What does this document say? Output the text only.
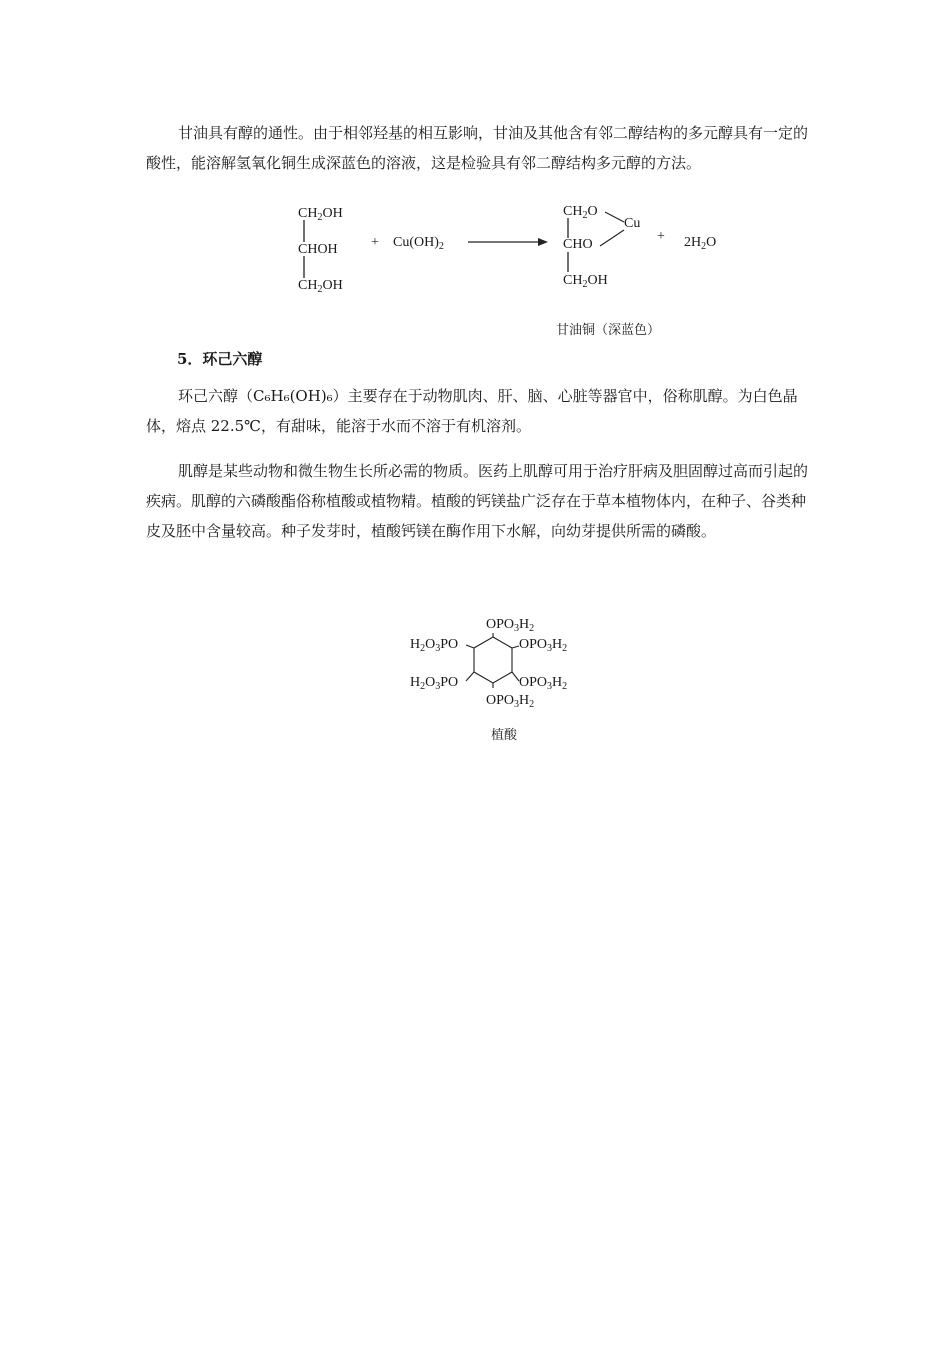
甘油具有醇的通性。由于相邻羟基的相互影响，甘油及其他含有邻二醇结构的多元醇具有一定的酸性，能溶解氢氧化铜生成深蓝色的溶液，这是检验具有邻二醇结构多元醇的方法。

$CH_2OH$
CHOH
$CH_2OH$
+ $Cu(OH)_2$
$CH_2O$
Cu
CHO
$CH_2OH$
+ $2H_2O$
甘油铜（深蓝色）
5．环己六醇

环己六醇（C₆H₆(OH)₆）主要存在于动物肌肉、肝、脑、心脏等器官中，俗称肌醇。为白色晶体，熔点 22.5℃，有甜味，能溶于水而不溶于有机溶剂。

肌醇是某些动物和微生物生长所必需的物质。医药上肌醇可用于治疗肝病及胆固醇过高而引起的疾病。肌醇的六磷酸酯俗称植酸或植物精。植酸的钙镁盐广泛存在于草本植物体内，在种子、谷类种皮及胚中含量较高。种子发芽时，植酸钙镁在酶作用下水解，向幼芽提供所需的磷酸。

$OPO_3H_2$
$H_2O_3PO$	$OPO_3H_2$
$H_2O_3PO$	$OPO_3H_2$
$OPO_3H_2$
植酸
